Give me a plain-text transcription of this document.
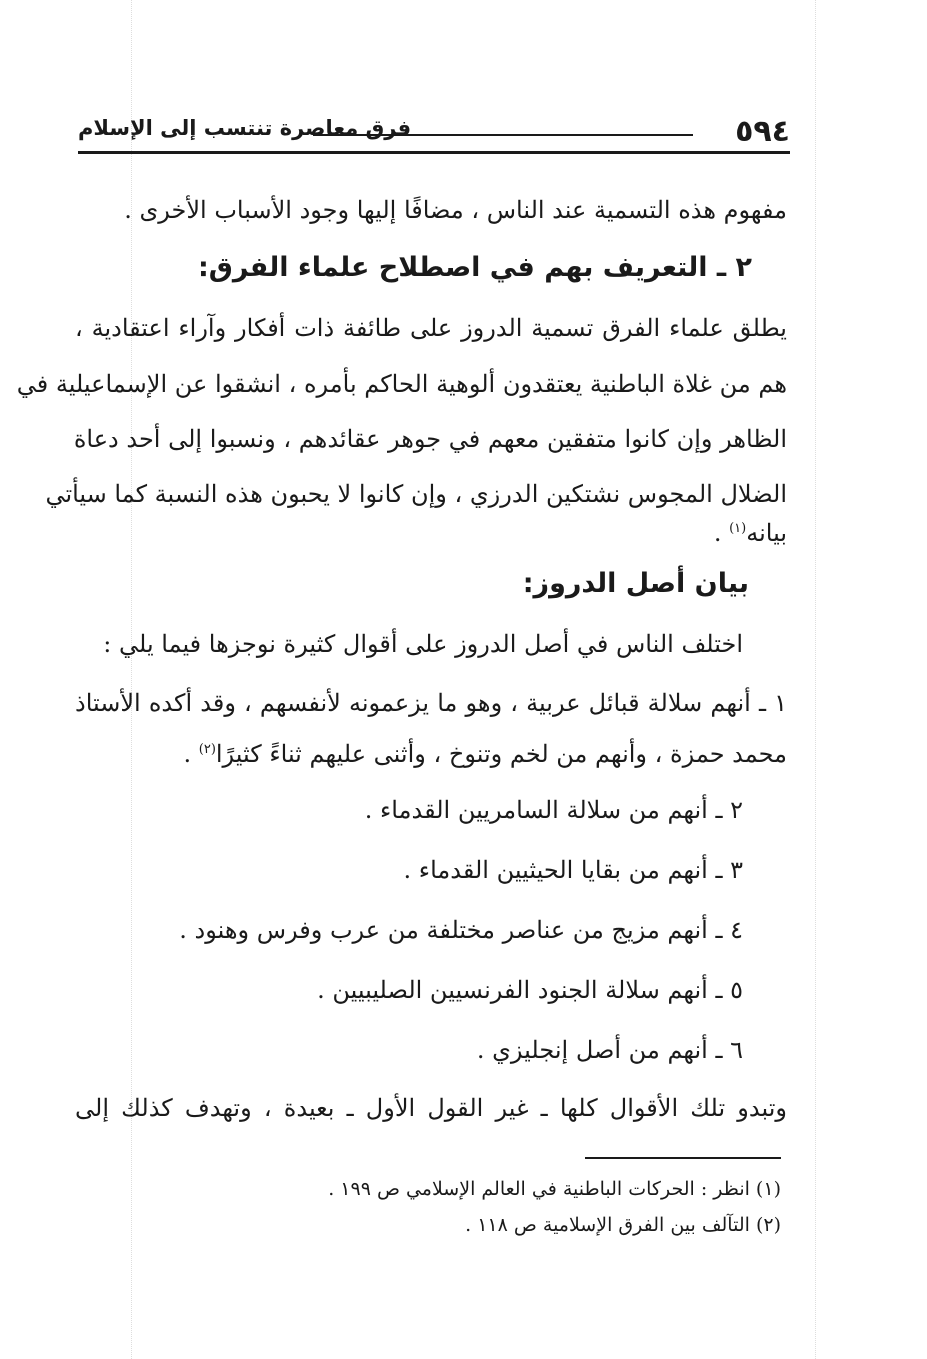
٥٩٤
فرق معاصرة تنتسب إلى الإسلام
مفهوم هذه التسمية عند الناس ، مضافًا إليها وجود الأسباب الأخرى .
٢ ـ التعريف بهم في اصطلاح علماء الفرق:
يطلق علماء الفرق تسمية الدروز على طائفة ذات أفكار وآراء اعتقادية ،
هم من غلاة الباطنية يعتقدون ألوهية الحاكم بأمره ، انشقوا عن الإسماعيلية في
الظاهر وإن كانوا متفقين معهم في جوهر عقائدهم ، ونسبوا إلى أحد دعاة
الضلال المجوس نشتكين الدرزي ، وإن كانوا لا يحبون هذه النسبة كما سيأتي
بيانه$^{(١)}$ .
بيان أصل الدروز:
اختلف الناس في أصل الدروز على أقوال كثيرة نوجزها فيما يلي :
١ ـ أنهم سلالة قبائل عربية ، وهو ما يزعمونه لأنفسهم ، وقد أكده الأستاذ
محمد حمزة ، وأنهم من لخم وتنوخ ، وأثنى عليهم ثناءً كثيرًا$^{(٢)}$ .
٢ ـ أنهم من سلالة السامريين القدماء .
٣ ـ أنهم من بقايا الحيثيين القدماء .
٤ ـ أنهم مزيج من عناصر مختلفة من عرب وفرس وهنود .
٥ ـ أنهم سلالة الجنود الفرنسيين الصليبيين .
٦ ـ أنهم من أصل إنجليزي .
وتبدو تلك الأقوال كلها ـ غير القول الأول ـ بعيدة ، وتهدف كذلك إلى
(١) انظر : الحركات الباطنية في العالم الإسلامي ص ١٩٩ .
(٢) التآلف بين الفرق الإسلامية ص ١١٨ .
